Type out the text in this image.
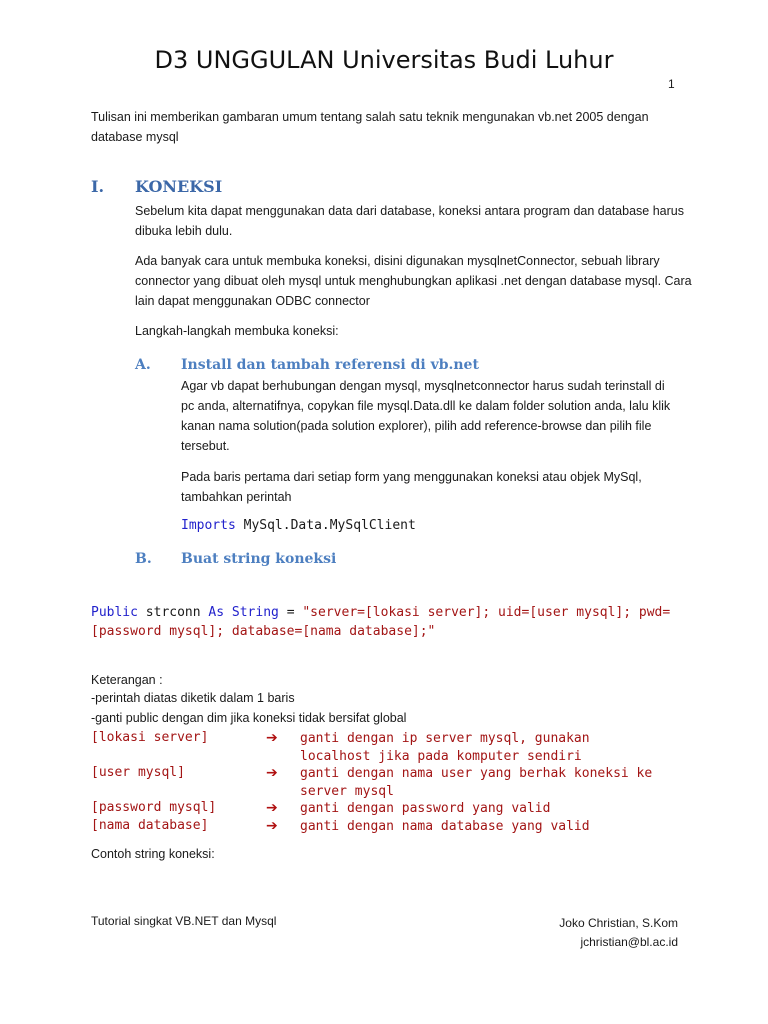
D3 UNGGULAN Universitas Budi Luhur
1
Tulisan ini memberikan gambaran umum tentang salah satu teknik mengunakan vb.net 2005 dengan database mysql
I. KONEKSI
Sebelum kita dapat menggunakan data dari database, koneksi antara program dan database harus dibuka lebih dulu.
Ada banyak cara untuk membuka koneksi, disini digunakan mysqlnetConnector, sebuah library connector yang dibuat oleh mysql untuk menghubungkan aplikasi .net dengan database mysql. Cara lain dapat menggunakan ODBC connector
Langkah-langkah membuka koneksi:
A. Install dan tambah referensi di vb.net
Agar vb dapat berhubungan dengan mysql, mysqlnetconnector harus sudah terinstall di pc anda, alternatifnya, copykan file mysql.Data.dll ke dalam folder solution anda, lalu klik kanan nama solution(pada solution explorer), pilih add reference-browse dan pilih file tersebut.
Pada baris pertama dari setiap form yang menggunakan koneksi atau objek MySql, tambahkan perintah
Imports MySql.Data.MySqlClient
B. Buat string koneksi
Public strconn As String = "server=[lokasi server]; uid=[user mysql]; pwd=[password mysql]; database=[nama database];"
Keterangan :
-perintah diatas diketik dalam 1 baris
-ganti public dengan dim jika koneksi tidak bersifat global
[lokasi server]	➔ ganti dengan ip server mysql, gunakan localhost jika pada komputer sendiri
[user mysql]	➔ ganti dengan nama user yang berhak koneksi ke server mysql
[password mysql]	➔ ganti dengan password yang valid
[nama database]	➔ ganti dengan nama database yang valid
Contoh string koneksi:
Tutorial singkat VB.NET dan Mysql	Joko Christian, S.Kom
jchristian@bl.ac.id
